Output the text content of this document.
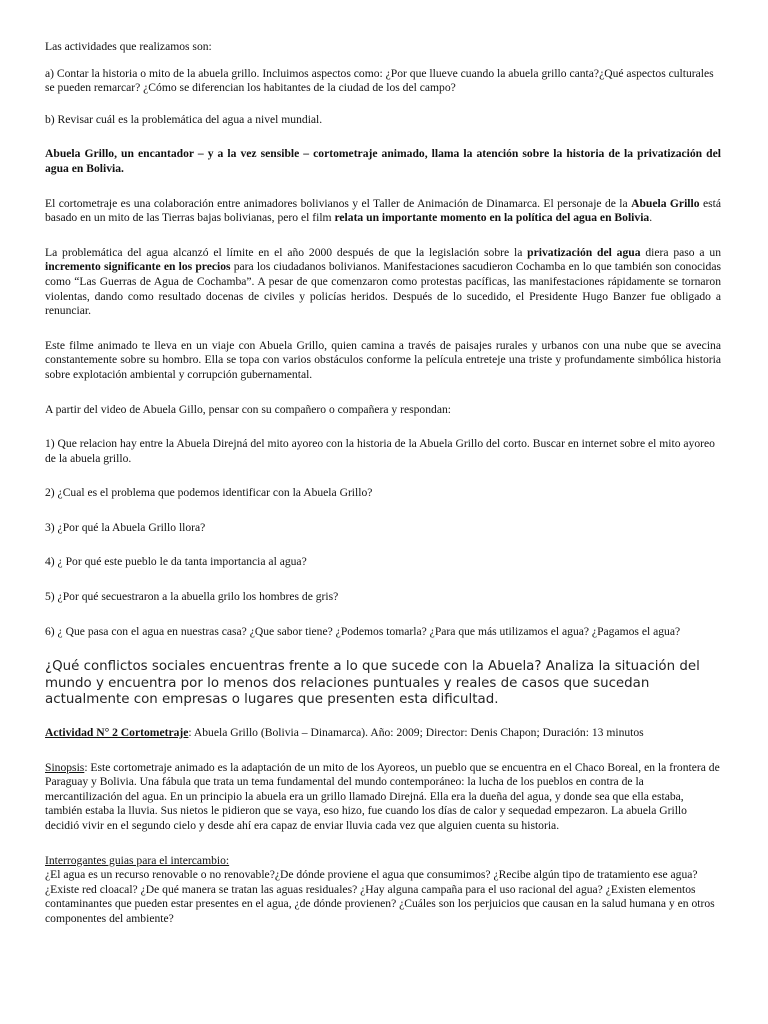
Las actividades que realizamos son:

a) Contar la historia o mito de la abuela grillo. Incluimos aspectos como: ¿Por que llueve cuando la abuela grillo canta?¿Qué aspectos culturales se pueden remarcar? ¿Cómo se diferencian los habitantes de la ciudad de los del campo?

b) Revisar cuál es la problemática del agua a nivel mundial.

Abuela Grillo, un encantador – y a la vez sensible – cortometraje animado, llama la atención sobre la historia de la privatización del agua en Bolivia.

El cortometraje es una colaboración entre animadores bolivianos y el Taller de Animación de Dinamarca. El personaje de la Abuela Grillo está basado en un mito de las Tierras bajas bolivianas, pero el film relata un importante momento en la política del agua en Bolivia.

La problemática del agua alcanzó el límite en el año 2000 después de que la legislación sobre la privatización del agua diera paso a un incremento significante en los precios para los ciudadanos bolivianos. Manifestaciones sacudieron Cochamba en lo que también son conocidas como “Las Guerras de Agua de Cochamba”. A pesar de que comenzaron como protestas pacíficas, las manifestaciones rápidamente se tornaron violentas, dando como resultado docenas de civiles y policías heridos. Después de lo sucedido, el Presidente Hugo Banzer fue obligado a renunciar.

Este filme animado te lleva en un viaje con Abuela Grillo, quien camina a través de paisajes rurales y urbanos con una nube que se avecina constantemente sobre su hombro. Ella se topa con varios obstáculos conforme la película entreteje una triste y profundamente simbólica historia sobre explotación ambiental y corrupción gubernamental.

A partir del video de Abuela Gillo, pensar con su compañero o compañera y respondan:

1) Que relacion hay entre la Abuela Direjná del mito ayoreo con la historia de la Abuela Grillo del corto. Buscar en internet sobre el mito ayoreo de la abuela grillo.

2) ¿Cual es el problema que podemos identificar con la Abuela Grillo?

3) ¿Por qué la Abuela Grillo llora?

4) ¿ Por qué este pueblo le da tanta importancia al agua?

5) ¿Por qué secuestraron a la abuella grilo los hombres de gris?

6) ¿ Que pasa con el agua en nuestras casa? ¿Que sabor tiene? ¿Podemos tomarla? ¿Para que más utilizamos el agua? ¿Pagamos el agua?

¿Qué conflictos sociales encuentras frente a lo que sucede con la Abuela? Analiza la situación del mundo y encuentra por lo menos dos relaciones puntuales y reales de casos que sucedan actualmente con empresas o lugares que presenten esta dificultad.

Actividad N° 2 Cortometraje: Abuela Grillo (Bolivia – Dinamarca). Año: 2009; Director: Denis Chapon; Duración: 13 minutos

Sinopsis: Este cortometraje animado es la adaptación de un mito de los Ayoreos, un pueblo que se encuentra en el Chaco Boreal, en la frontera de Paraguay y Bolivia. Una fábula que trata un tema fundamental del mundo contemporáneo: la lucha de los pueblos en contra de la mercantilización del agua. En un principio la abuela era un grillo llamado Direjná. Ella era la dueña del agua, y donde sea que ella estaba, también estaba la lluvia. Sus nietos le pidieron que se vaya, eso hizo, fue cuando los días de calor y sequedad empezaron. La abuela Grillo decidió vivir en el segundo cielo y desde ahí era capaz de enviar lluvia cada vez que alguien cuenta su historia.

Interrogantes guias para el intercambio:

¿El agua es un recurso renovable o no renovable?¿De dónde proviene el agua que consumimos? ¿Recibe algún tipo de tratamiento ese agua? ¿Existe red cloacal? ¿De qué manera se tratan las aguas residuales? ¿Hay alguna campaña para el uso racional del agua? ¿Existen elementos contaminantes que pueden estar presentes en el agua, ¿de dónde provienen? ¿Cuáles son los perjuicios que causan en la salud humana y en otros componentes del ambiente?
